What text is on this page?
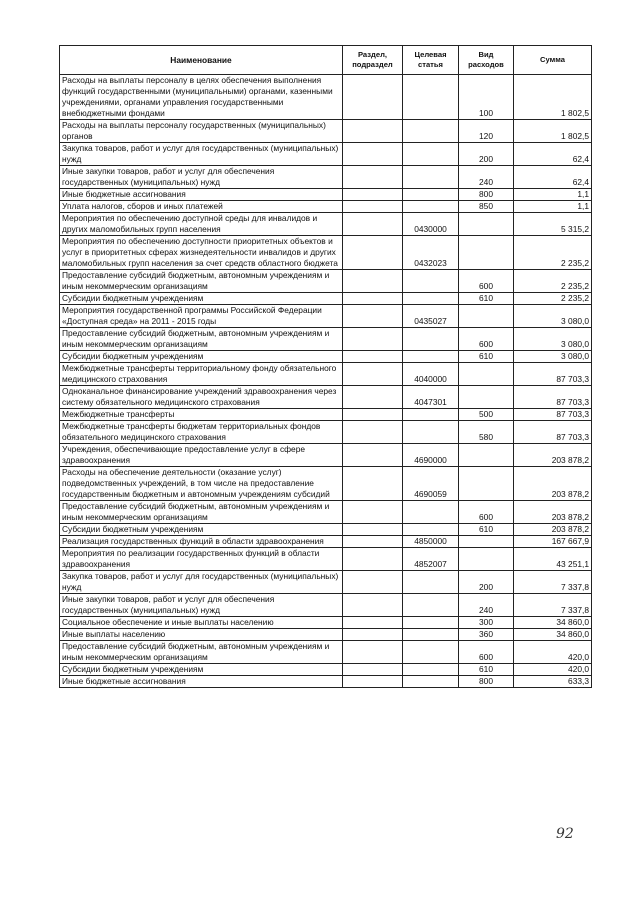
Наименование	Раздел, подраздел	Целевая статья	Вид расходов	Сумма
Расходы на выплаты персоналу в целях обеспечения выполнения функций государственными (муниципальными) органами, казенными учреждениями, органами управления государственными внебюджетными фондами			100	1 802,5
Расходы на выплаты персоналу государственных (муниципальных) органов			120	1 802,5
Закупка товаров, работ и услуг для государственных (муниципальных) нужд			200	62,4
Иные закупки товаров, работ и услуг для обеспечения государственных (муниципальных) нужд			240	62,4
Иные бюджетные ассигнования			800	1,1
Уплата налогов, сборов и иных платежей			850	1,1
Мероприятия по обеспечению доступной среды для инвалидов и других маломобильных групп населения		0430000		5 315,2
Мероприятия по обеспечению доступности приоритетных объектов и услуг в приоритетных сферах жизнедеятельности инвалидов и других маломобильных групп населения за счет средств областного бюджета		0432023		2 235,2
Предоставление субсидий бюджетным, автономным учреждениям и иным некоммерческим организациям			600	2 235,2
Субсидии бюджетным учреждениям			610	2 235,2
Мероприятия государственной программы Российской Федерации «Доступная среда» на 2011 - 2015 годы		0435027		3 080,0
Предоставление субсидий бюджетным, автономным учреждениям и иным некоммерческим организациям			600	3 080,0
Субсидии бюджетным учреждениям			610	3 080,0
Межбюджетные трансферты территориальному фонду обязательного медицинского страхования		4040000		87 703,3
Одноканальное финансирование учреждений здравоохранения через систему обязательного медицинского страхования		4047301		87 703,3
Межбюджетные трансферты			500	87 703,3
Межбюджетные трансферты бюджетам территориальных фондов обязательного медицинского страхования			580	87 703,3
Учреждения, обеспечивающие предоставление услуг в сфере здравоохранения		4690000		203 878,2
Расходы на обеспечение деятельности (оказание услуг) подведомственных учреждений, в том числе на предоставление государственным бюджетным и автономным учреждениям субсидий		4690059		203 878,2
Предоставление субсидий бюджетным, автономным учреждениям и иным некоммерческим организациям			600	203 878,2
Субсидии бюджетным учреждениям			610	203 878,2
Реализация государственных функций в области здравоохранения		4850000		167 667,9
Мероприятия по реализации государственных функций в области здравоохранения		4852007		43 251,1
Закупка товаров, работ и услуг для государственных (муниципальных) нужд			200	7 337,8
Иные закупки товаров, работ и услуг для обеспечения государственных (муниципальных) нужд			240	7 337,8
Социальное обеспечение и иные выплаты населению			300	34 860,0
Иные выплаты населению			360	34 860,0
Предоставление субсидий бюджетным, автономным учреждениям и иным некоммерческим организациям			600	420,0
Субсидии бюджетным учреждениям			610	420,0
Иные бюджетные ассигнования			800	633,3
92
